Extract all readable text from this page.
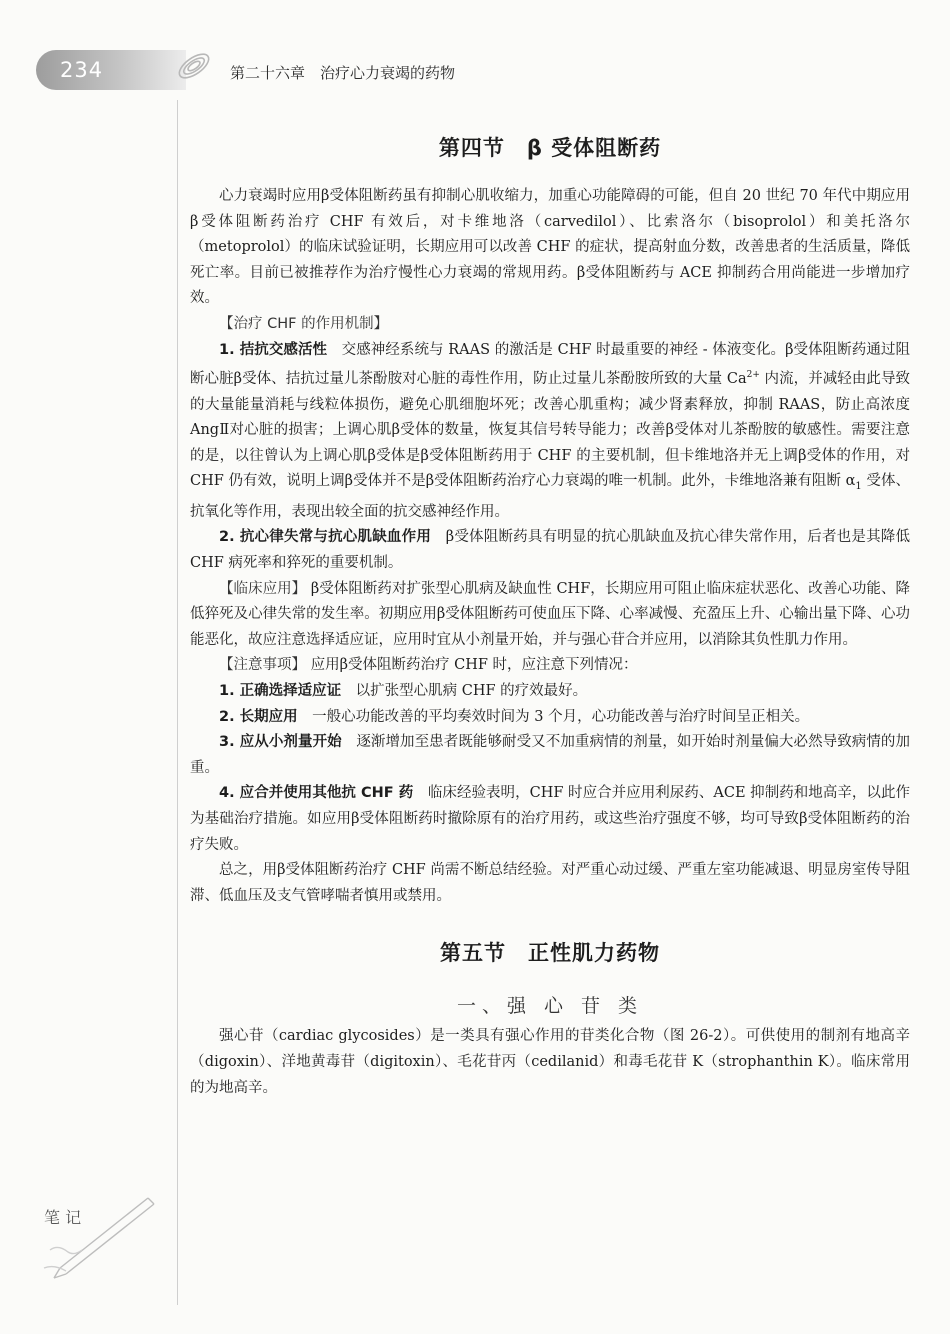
234	第二十六章　治疗心力衰竭的药物
第四节 β 受体阻断药

心力衰竭时应用β受体阻断药虽有抑制心肌收缩力，加重心功能障碍的可能，但自 20 世纪 70 年代中期应用β受体阻断药治疗 CHF 有效后，对卡维地洛（carvedilol）、比索洛尔（bisoprolol）和美托洛尔（metoprolol）的临床试验证明，长期应用可以改善 CHF 的症状，提高射血分数，改善患者的生活质量，降低死亡率。目前已被推荐作为治疗慢性心力衰竭的常规用药。β受体阻断药与 ACE 抑制药合用尚能进一步增加疗效。

【治疗 CHF 的作用机制】

1. 拮抗交感活性　 交感神经系统与 RAAS 的激活是 CHF 时最重要的神经 - 体液变化。β受体阻断药通过阻断心脏β受体、拮抗过量儿茶酚胺对心脏的毒性作用，防止过量儿茶酚胺所致的大量 $Ca^{2+}$ 内流，并减轻由此导致的大量能量消耗与线粒体损伤，避免心肌细胞坏死；改善心肌重构；减少肾素释放，抑制 RAAS，防止高浓度 AngⅡ对心脏的损害；上调心肌β受体的数量，恢复其信号转导能力；改善β受体对儿茶酚胺的敏感性。需要注意的是，以往曾认为上调心肌β受体是β受体阻断药用于 CHF 的主要机制，但卡维地洛并无上调β受体的作用，对 CHF 仍有效，说明上调β受体并不是β受体阻断药治疗心力衰竭的唯一机制。此外，卡维地洛兼有阻断 $\alpha_1$ 受体、抗氧化等作用，表现出较全面的抗交感神经作用。

2. 抗心律失常与抗心肌缺血作用　 β受体阻断药具有明显的抗心肌缺血及抗心律失常作用，后者也是其降低 CHF 病死率和猝死的重要机制。

【临床应用】 β受体阻断药对扩张型心肌病及缺血性 CHF，长期应用可阻止临床症状恶化、改善心功能、降低猝死及心律失常的发生率。初期应用β受体阻断药可使血压下降、心率减慢、充盈压上升、心输出量下降、心功能恶化，故应注意选择适应证，应用时宜从小剂量开始，并与强心苷合并应用，以消除其负性肌力作用。

【注意事项】 应用β受体阻断药治疗 CHF 时，应注意下列情况：

1. 正确选择适应证　 以扩张型心肌病 CHF 的疗效最好。

2. 长期应用　 一般心功能改善的平均奏效时间为 3 个月，心功能改善与治疗时间呈正相关。

3. 应从小剂量开始　 逐渐增加至患者既能够耐受又不加重病情的剂量，如开始时剂量偏大必然导致病情的加重。

4. 应合并使用其他抗 CHF 药　 临床经验表明，CHF 时应合并应用利尿药、ACE 抑制药和地高辛，以此作为基础治疗措施。如应用β受体阻断药时撤除原有的治疗用药，或这些治疗强度不够，均可导致β受体阻断药的治疗失败。

总之，用β受体阻断药治疗 CHF 尚需不断总结经验。对严重心动过缓、严重左室功能减退、明显房室传导阻滞、低血压及支气管哮喘者慎用或禁用。

第五节 正性肌力药物
一、强 心 苷 类

强心苷（cardiac glycosides）是一类具有强心作用的苷类化合物（图 26-2）。可供使用的制剂有地高辛（digoxin）、洋地黄毒苷（digitoxin）、毛花苷丙（cedilanid）和毒毛花苷 K（strophanthin K）。临床常用的为地高辛。

笔 记
